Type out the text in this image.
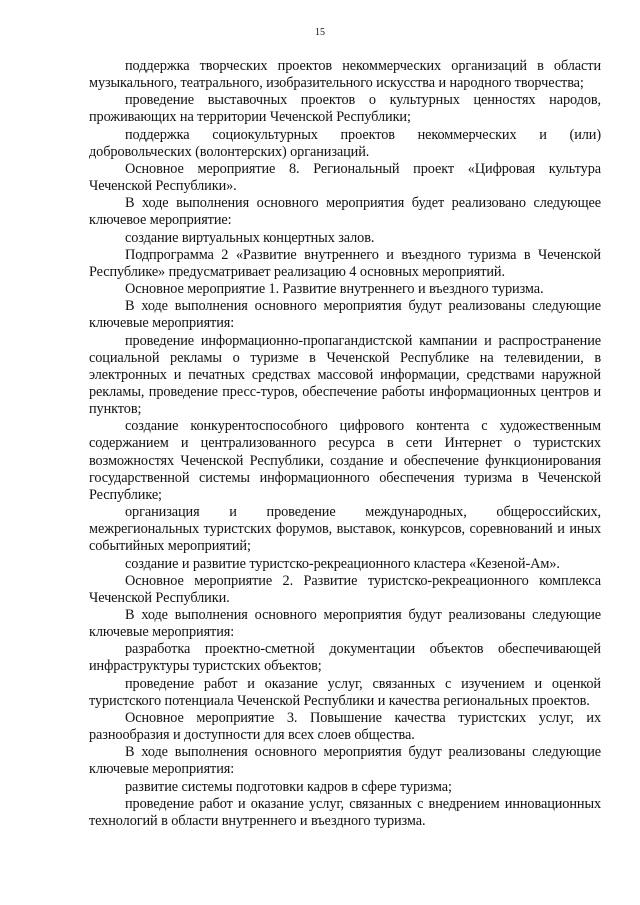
15

поддержка творческих проектов некоммерческих организаций в области музыкального, театрального, изобразительного искусства и народного творчества;

проведение выставочных проектов о культурных ценностях народов, проживающих на территории Чеченской Республики;

поддержка социокультурных проектов некоммерческих и (или) добровольческих (волонтерских) организаций.

Основное мероприятие 8. Региональный проект «Цифровая культура Чеченской Республики».

В ходе выполнения основного мероприятия будет реализовано следующее ключевое мероприятие:

создание виртуальных концертных залов.

Подпрограмма 2 «Развитие внутреннего и въездного туризма в Чеченской Республике» предусматривает реализацию 4 основных мероприятий.

Основное мероприятие 1. Развитие внутреннего и въездного туризма.

В ходе выполнения основного мероприятия будут реализованы следующие ключевые мероприятия:

проведение информационно-пропагандистской кампании и распространение социальной рекламы о туризме в Чеченской Республике на телевидении, в электронных и печатных средствах массовой информации, средствами наружной рекламы, проведение пресс-туров, обеспечение работы информационных центров и пунктов;

создание конкурентоспособного цифрового контента с художественным содержанием и централизованного ресурса в сети Интернет о туристских возможностях Чеченской Республики, создание и обеспечение функционирования государственной системы информационного обеспечения туризма в Чеченской Республике;

организация и проведение международных, общероссийских, межрегиональных туристских форумов, выставок, конкурсов, соревнований и иных событийных мероприятий;

создание и развитие туристско-рекреационного кластера «Кезеной-Ам».

Основное мероприятие 2. Развитие туристско-рекреационного комплекса Чеченской Республики.

В ходе выполнения основного мероприятия будут реализованы следующие ключевые мероприятия:

разработка проектно-сметной документации объектов обеспечивающей инфраструктуры туристских объектов;

проведение работ и оказание услуг, связанных с изучением и оценкой туристского потенциала Чеченской Республики и качества региональных проектов.

Основное мероприятие 3. Повышение качества туристских услуг, их разнообразия и доступности для всех слоев общества.

В ходе выполнения основного мероприятия будут реализованы следующие ключевые мероприятия:

развитие системы подготовки кадров в сфере туризма;

проведение работ и оказание услуг, связанных с внедрением инновационных технологий в области внутреннего и въездного туризма.
